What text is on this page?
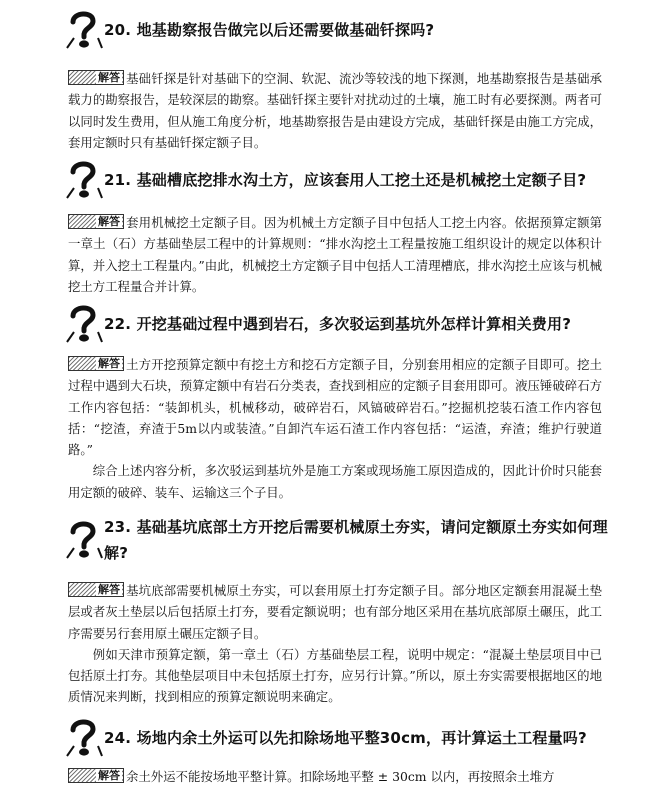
20. 地基勘察报告做完以后还需要做基础钎探吗?

解答 基础钎探是针对基础下的空洞、软泥、流沙等较浅的地下探测，地基勘察报告是基础承载力的勘察报告，是较深层的勘察。基础钎探主要针对扰动过的土壤，施工时有必要探测。两者可以同时发生费用，但从施工角度分析，地基勘察报告是由建设方完成，基础钎探是由施工方完成，套用定额时只有基础钎探定额子目。

21. 基础槽底挖排水沟土方，应该套用人工挖土还是机械挖土定额子目?

解答 套用机械挖土定额子目。因为机械土方定额子目中包括人工挖土内容。依据预算定额第一章土（石）方基础垫层工程中的计算规则：“排水沟挖土工程量按施工组织设计的规定以体积计算，并入挖土工程量内。”由此，机械挖土方定额子目中包括人工清理槽底，排水沟挖土应该与机械挖土方工程量合并计算。

22. 开挖基础过程中遇到岩石，多次驳运到基坑外怎样计算相关费用?

解答 土方开挖预算定额中有挖土方和挖石方定额子目，分别套用相应的定额子目即可。挖土过程中遇到大石块，预算定额中有岩石分类表，查找到相应的定额子目套用即可。液压锤破碎石方工作内容包括：“装卸机头，机械移动，破碎岩石，风镐破碎岩石。”挖掘机挖装石渣工作内容包括：“挖渣，弃渣于5m以内或装渣。”自卸汽车运石渣工作内容包括：“运渣，弃渣；维护行驶道路。”

综合上述内容分析，多次驳运到基坑外是施工方案或现场施工原因造成的，因此计价时只能套用定额的破碎、装车、运输这三个子目。

23. 基础基坑底部土方开挖后需要机械原土夯实，请问定额原土夯实如何理解?

解答 基坑底部需要机械原土夯实，可以套用原土打夯定额子目。部分地区定额套用混凝土垫层或者灰土垫层以后包括原土打夯，要看定额说明；也有部分地区采用在基坑底部原土碾压，此工序需要另行套用原土碾压定额子目。

例如天津市预算定额，第一章土（石）方基础垫层工程，说明中规定：“混凝土垫层项目中已包括原土打夯。其他垫层项目中未包括原土打夯，应另行计算。”所以，原土夯实需要根据地区的地质情况来判断，找到相应的预算定额说明来确定。

24. 场地内余土外运可以先扣除场地平整30cm，再计算运土工程量吗?

解答 余土外运不能按场地平整计算。扣除场地平整 ± 30cm 以内，再按照余土堆方
